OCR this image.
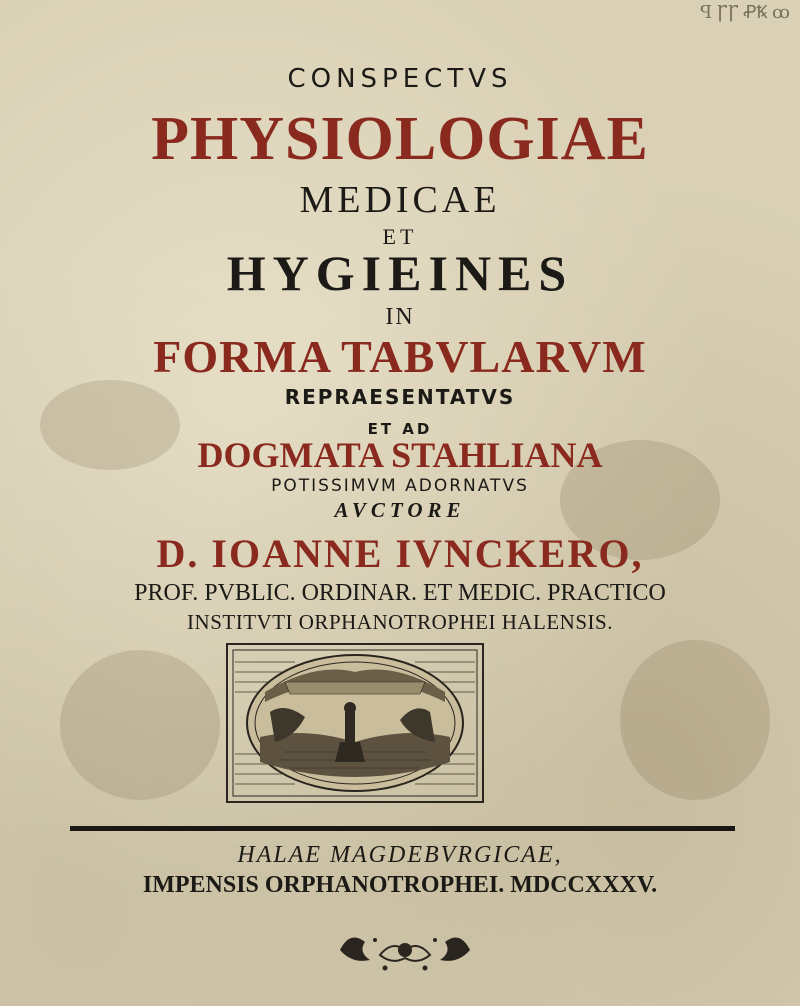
ꟼ ꞄꞄ ꝒꝄ ꝏ
CONSPECTVS
PHYSIOLOGIAE
MEDICAE
ET
HYGIEINES
IN
FORMA TABVLARVM
REPRAESENTATVS
ET AD
DOGMATA STAHLIANA
POTISSIMVM ADORNATVS
AVCTORE
D. IOANNE IVNCKERO,
PROF. PVBLIC. ORDINAR. ET MEDIC. PRACTICO
INSTITVTI ORPHANOTROPHEI HALENSIS.
HALAE MAGDEBVRGICAE,
IMPENSIS ORPHANOTROPHEI. MDCCXXXV.
